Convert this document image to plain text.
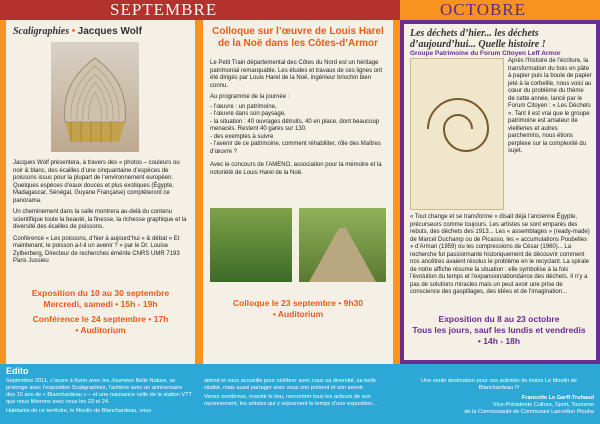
SEPTEMBRE	OCTOBRE
Scaligraphies • Jacques Wolf
Jacques Wolf présentera, à travers des « photos – couleurs ou noir & blanc, des écailles d’une cinquantaine d’espèces de poissons issus pour la plupart de l’environnement européen. Quelques espèces d’eaux douces et plus exotiques (Égypte, Madagascar, Sénégal, Guyane Française) complèteront ce panorama.
Un cheminement dans la salle montrera au-delà du contenu scientifique toute la beauté, la finesse, la richesse graphique et la diversité des écailles de poissons.
Conférence « Les poissons, d’hier à aujourd’hui » & débat « Et maintenant, le poisson a-t-il un avenir ? » par le Dr. Louise Zylberberg, Directeur de recherches émérite CNRS UMR 7193 Paris Jussieu
Exposition du 10 au 30 septembre
Mercredi, samedi • 15h - 19h
Conférence le 24 septembre • 17h
• Auditorium
Colloque sur l’œuvre de Louis Harel de la Noë dans les Côtes-d’Armor
Le Petit Train départemental des Côtes du Nord est un héritage patrimonial remarquable. Les études et travaux de ces lignes ont été dirigés par Louis Harel de la Noë, ingénieur briochin bien connu.
Au programme de la journée :
- l’œuvre : un patrimoine,
- l’œuvre dans son paysage,
- la situation : 40 ouvrages détruits, 40 en place, dont beaucoup menacés. Restent 40 gares sur 130.
- des exemples à suivre
- l’avenir de ce patrimoine, comment réhabiliter, rôle des Maîtres d’œuvre ?
Avec le concours de l’AMENO, association pour la mémoire et la notoriété de Louis Harel de la Noë.
Colloque le 23 septembre • 9h30
• Auditorium
Les déchets d’hier... les déchets d’aujourd’hui... Quelle histoire !
Groupe Patrimoine du Forum Citoyen Leff Armor
Après l’histoire de l’écriture, la transformation du bois en pâte à papier puis la boule de papier jeté à la corbeille, nous voici au cœur du problème du thème de cette année, lancé par le Forum Citoyen : « Les Déchets ». Tant il est vrai que le groupe patrimoine est amateur de vieilleries et autres parchemins, nous étions perplexe sur la complexité du sujet.
« Tout change et se transforme » disait déjà l’ancienne Égypte, précurseurs comme toujours. Les artistes se sont emparés des rebuts, des déchets des 1913... Les « assemblages » (ready-made) de Marcel Duchamp ou de Picasso, les « accumulations Poubelles » d’Arman (1959) ou les compressions de César (1960)... La recherche fut passionnante historiquement de découvrir comment nos ancêtres avaient résolus le problème en le recyclant. La spirale de notre affiche résume la situation : elle symbolise à la fois l’évolution du temps et l’expansion/abondance des déchets. Il n’y a pas de solutions miracles mais un peut avoir une prise de conscience des gaspillages, des idées et de l’imagination...
Exposition du 8 au 23 octobre
Tous les jours, sauf les lundis et vendredis
• 14h - 18h
Edito
Septembre 2011, c’ouvre à Kerio avec les Journées Belle Nature, se prolonge avec l’exposition Scaligraphies, l’achève avec un anniversaire des 10 ans de « Blanchardeau » – et une naissance celle de la station VTT que nous fêterons avec vous les 23 et 24.
Habitants de ce territoire, le Moulin de Blanchardeau, vous
attend et vous accueille pour célébrer avec vous sa diversité, sa belle vitalité, mais aussi partager avec vous son présent et son avenir.
Venez nombreux, investir le lieu, rencontrer tous les acteurs de son rayonnement, les artistes qui y séjournent le temps d’une exposition...
Une seule destination pour vos activités de loisirs Le Moulin de Blanchardeau !!!
Francette Le Garff-Truhaud
Vice-Présidente Culture, Sport, Tourisme
de la Communauté de Communes Lanvollon Plouha
